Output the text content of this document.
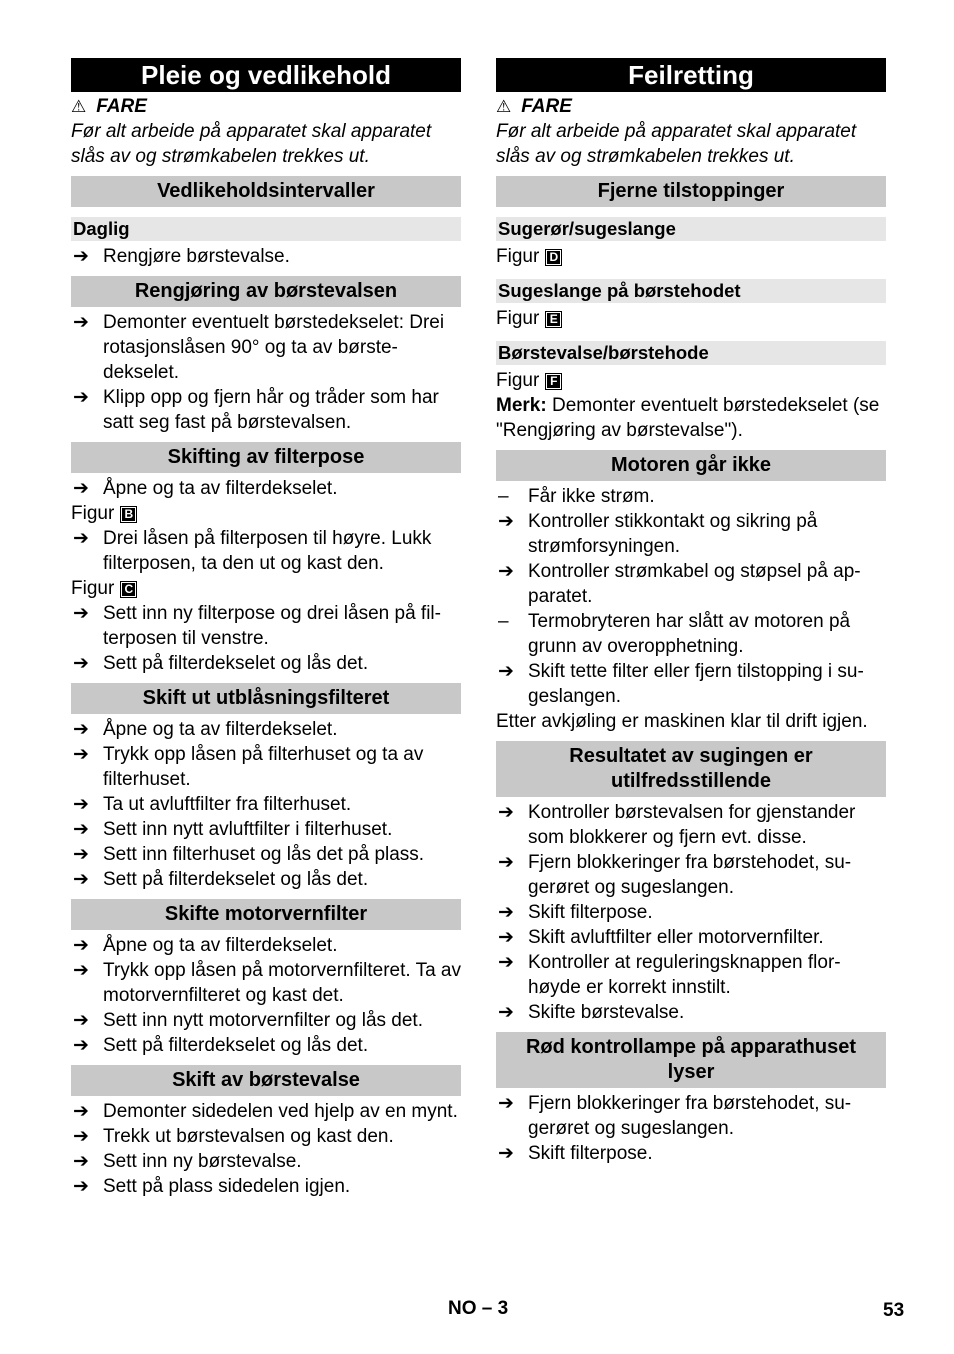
Pleie og vedlikehold
⚠ FARE
Før alt arbeide på apparatet skal apparatet slås av og strømkabelen trekkes ut.
Vedlikeholdsintervaller
Daglig
➔ Rengjøre børstevalse.
Rengjøring av børstevalsen
➔ Demonter eventuelt børstedekselet: Drei rotasjonslåsen 90° og ta av børste-dekselet.
➔ Klipp opp og fjern hår og tråder som har satt seg fast på børstevalsen.
Skifting av filterpose
➔ Åpne og ta av filterdekselet.
Figur B
➔ Drei låsen på filterposen til høyre. Lukk filterposen, ta den ut og kast den.
Figur C
➔ Sett inn ny filterpose og drei låsen på fil-terposen til venstre.
➔ Sett på filterdekselet og lås det.
Skift ut utblåsningsfilteret
➔ Åpne og ta av filterdekselet.
➔ Trykk opp låsen på filterhuset og ta av filterhuset.
➔ Ta ut avluftfilter fra filterhuset.
➔ Sett inn nytt avluftfilter i filterhuset.
➔ Sett inn filterhuset og lås det på plass.
➔ Sett på filterdekselet og lås det.
Skifte motorvernfilter
➔ Åpne og ta av filterdekselet.
➔ Trykk opp låsen på motorvernfilteret. Ta av motorvernfilteret og kast det.
➔ Sett inn nytt motorvernfilter og lås det.
➔ Sett på filterdekselet og lås det.
Skift av børstevalse
➔ Demonter sidedelen ved hjelp av en mynt.
➔ Trekk ut børstevalsen og kast den.
➔ Sett inn ny børstevalse.
➔ Sett på plass sidedelen igjen.
Feilretting
⚠ FARE
Før alt arbeide på apparatet skal apparatet slås av og strømkabelen trekkes ut.
Fjerne tilstoppinger
Sugerør/sugeslange
Figur D
Sugeslange på børstehodet
Figur E
Børstevalse/børstehode
Figur F
Merk: Demonter eventuelt børstedekselet (se "Rengjøring av børstevalse").
Motoren går ikke
– Får ikke strøm.
➔ Kontroller stikkontakt og sikring på strømforsyningen.
➔ Kontroller strømkabel og støpsel på ap-paratet.
– Termobryteren har slått av motoren på grunn av overopphetning.
➔ Skift tette filter eller fjern tilstopping i su-geslangen.
Etter avkjøling er maskinen klar til drift igjen.
Resultatet av sugingen er utilfredsstillende
➔ Kontroller børstevalsen for gjenstander som blokkerer og fjern evt. disse.
➔ Fjern blokkeringer fra børstehodet, su-gerøret og sugeslangen.
➔ Skift filterpose.
➔ Skift avluftfilter eller motorvernfilter.
➔ Kontroller at reguleringsknappen flor-høyde er korrekt innstilt.
➔ Skifte børstevalse.
Rød kontrollampe på apparathuset lyser
➔ Fjern blokkeringer fra børstehodet, su-gerøret og sugeslangen.
➔ Skift filterpose.
NO – 3	53
